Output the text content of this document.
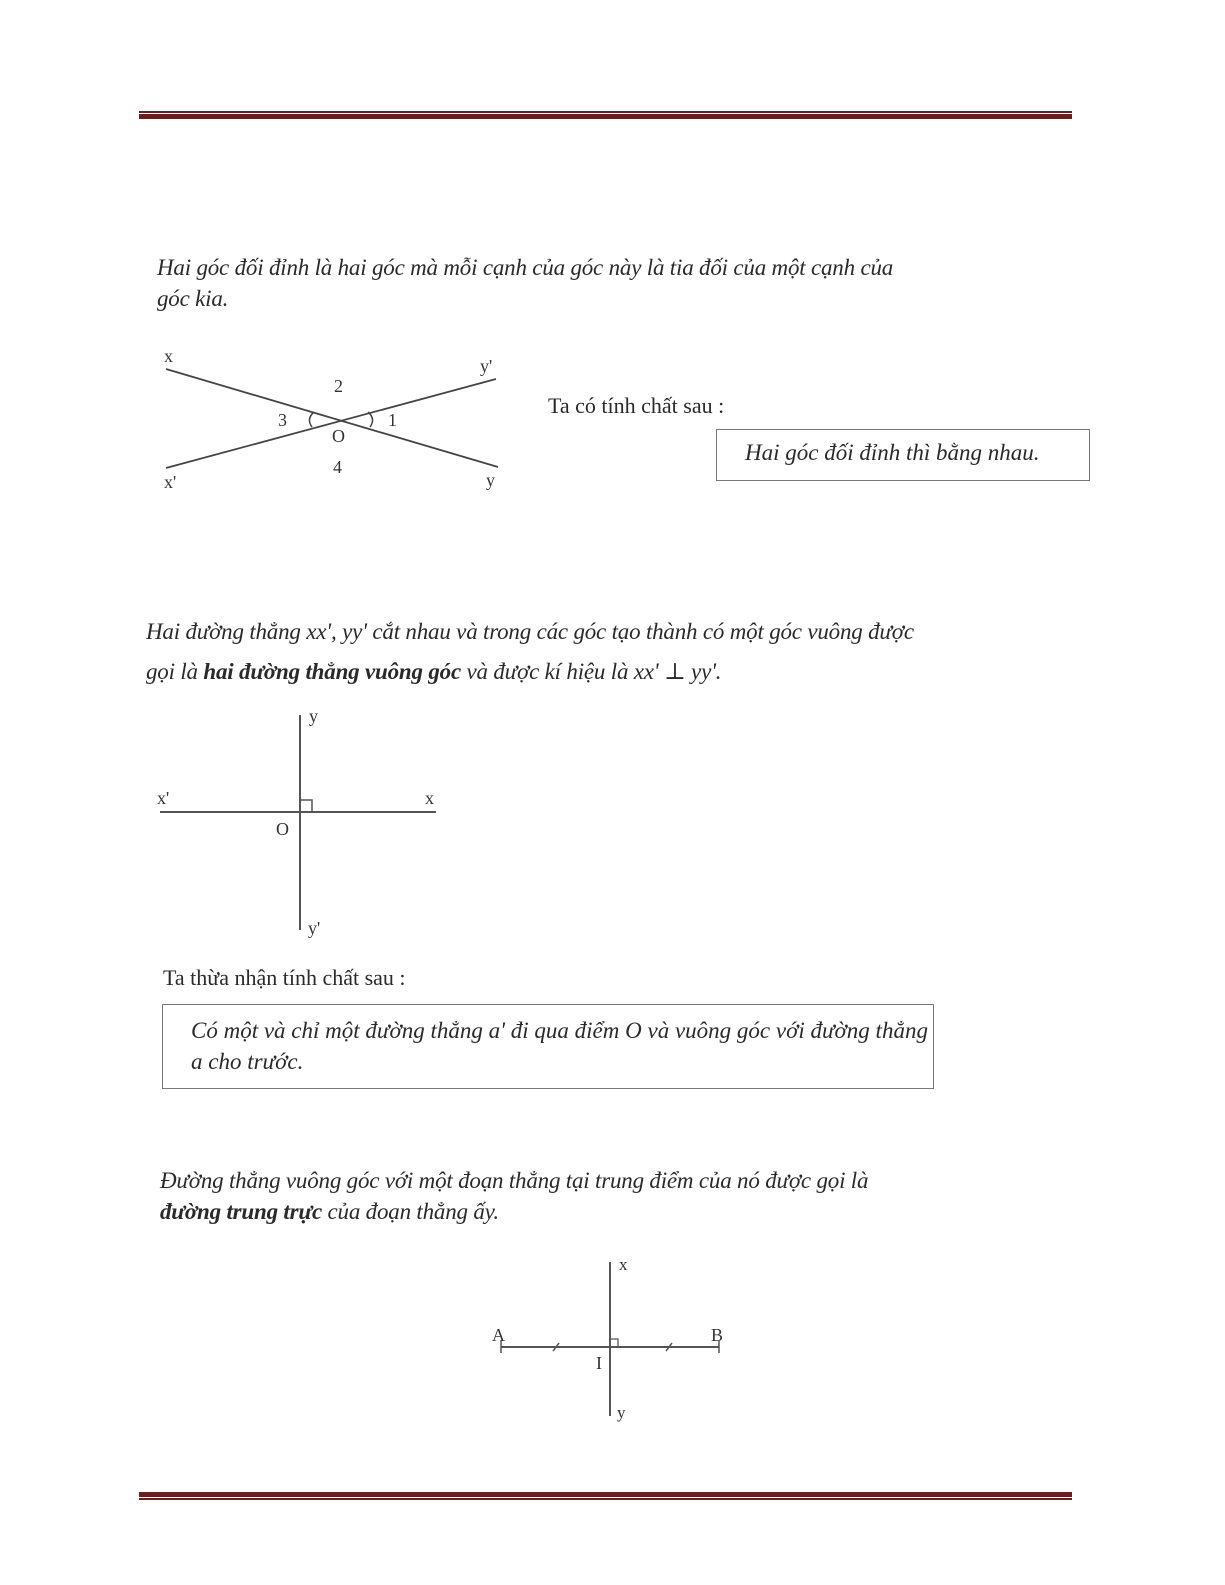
Hai góc đối đỉnh là hai góc mà mỗi cạnh của góc này là tia đối của một cạnh của góc kia.
x
x'
y'
y
2
3	1
O
4
Ta có tính chất sau :
Hai góc đối đỉnh thì bằng nhau.
Hai đường thẳng xx', yy' cắt nhau và trong các góc tạo thành có một góc vuông được gọi là hai đường thẳng vuông góc và được kí hiệu là xx' ⊥ yy'.
y
x'	x
O
y'
Ta thừa nhận tính chất sau :
Có một và chỉ một đường thẳng a' đi qua điểm O và vuông góc với đường thẳng a cho trước.
Đường thẳng vuông góc với một đoạn thẳng tại trung điểm của nó được gọi là đường trung trực của đoạn thẳng ấy.
x
A	B
I
y
